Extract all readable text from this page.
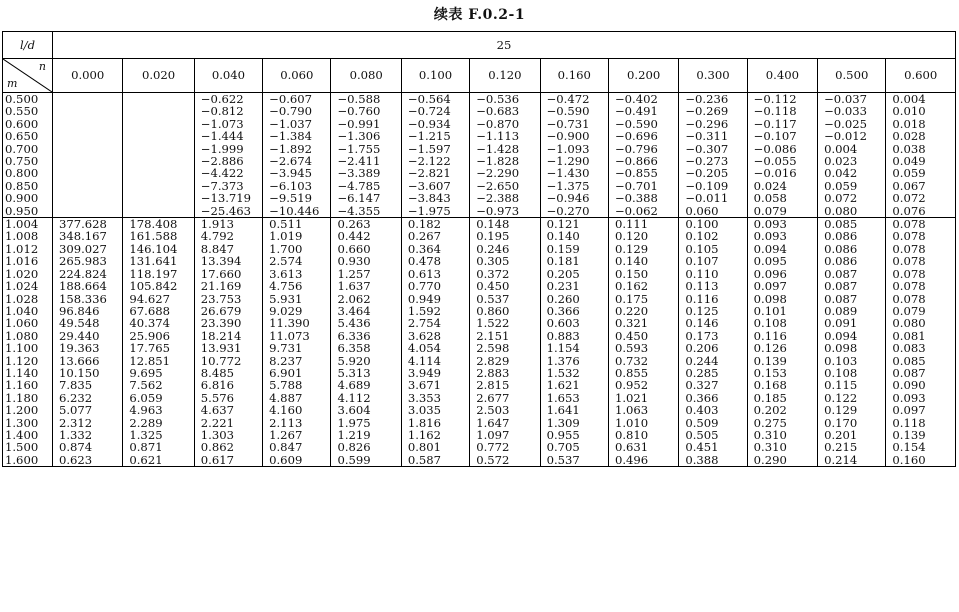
续表 F.0.2-1
l/d	25												

n
m	0.000	0.020	0.040	0.060	0.080	0.100	0.120	0.160	0.200	0.300	0.400	0.500	0.600
0.500			−0.622	−0.607	−0.588	−0.564	−0.536	−0.472	−0.402	−0.236	−0.112	−0.037	0.004
0.550			−0.812	−0.790	−0.760	−0.724	−0.683	−0.590	−0.491	−0.269	−0.118	−0.033	0.010
0.600			−1.073	−1.037	−0.991	−0.934	−0.870	−0.731	−0.590	−0.296	−0.117	−0.025	0.018
0.650			−1.444	−1.384	−1.306	−1.215	−1.113	−0.900	−0.696	−0.311	−0.107	−0.012	0.028
0.700			−1.999	−1.892	−1.755	−1.597	−1.428	−1.093	−0.796	−0.307	−0.086	0.004	0.038
0.750			−2.886	−2.674	−2.411	−2.122	−1.828	−1.290	−0.866	−0.273	−0.055	0.023	0.049
0.800			−4.422	−3.945	−3.389	−2.821	−2.290	−1.430	−0.855	−0.205	−0.016	0.042	0.059
0.850			−7.373	−6.103	−4.785	−3.607	−2.650	−1.375	−0.701	−0.109	0.024	0.059	0.067
0.900			−13.719	−9.519	−6.147	−3.843	−2.388	−0.946	−0.388	−0.011	0.058	0.072	0.072
0.950			−25.463	−10.446	−4.355	−1.975	−0.973	−0.270	−0.062	0.060	0.079	0.080	0.076
1.004	377.628	178.408	1.913	0.511	0.263	0.182	0.148	0.121	0.111	0.100	0.093	0.085	0.078
1.008	348.167	161.588	4.792	1.019	0.442	0.267	0.195	0.140	0.120	0.102	0.093	0.086	0.078
1.012	309.027	146.104	8.847	1.700	0.660	0.364	0.246	0.159	0.129	0.105	0.094	0.086	0.078
1.016	265.983	131.641	13.394	2.574	0.930	0.478	0.305	0.181	0.140	0.107	0.095	0.086	0.078
1.020	224.824	118.197	17.660	3.613	1.257	0.613	0.372	0.205	0.150	0.110	0.096	0.087	0.078
1.024	188.664	105.842	21.169	4.756	1.637	0.770	0.450	0.231	0.162	0.113	0.097	0.087	0.078
1.028	158.336	94.627	23.753	5.931	2.062	0.949	0.537	0.260	0.175	0.116	0.098	0.087	0.078
1.040	96.846	67.688	26.679	9.029	3.464	1.592	0.860	0.366	0.220	0.125	0.101	0.089	0.079
1.060	49.548	40.374	23.390	11.390	5.436	2.754	1.522	0.603	0.321	0.146	0.108	0.091	0.080
1.080	29.440	25.906	18.214	11.073	6.336	3.628	2.151	0.883	0.450	0.173	0.116	0.094	0.081
1.100	19.363	17.765	13.931	9.731	6.358	4.054	2.598	1.154	0.593	0.206	0.126	0.098	0.083
1.120	13.666	12.851	10.772	8.237	5.920	4.114	2.829	1.376	0.732	0.244	0.139	0.103	0.085
1.140	10.150	9.695	8.485	6.901	5.313	3.949	2.883	1.532	0.855	0.285	0.153	0.108	0.087
1.160	7.835	7.562	6.816	5.788	4.689	3.671	2.815	1.621	0.952	0.327	0.168	0.115	0.090
1.180	6.232	6.059	5.576	4.887	4.112	3.353	2.677	1.653	1.021	0.366	0.185	0.122	0.093
1.200	5.077	4.963	4.637	4.160	3.604	3.035	2.503	1.641	1.063	0.403	0.202	0.129	0.097
1.300	2.312	2.289	2.221	2.113	1.975	1.816	1.647	1.309	1.010	0.509	0.275	0.170	0.118
1.400	1.332	1.325	1.303	1.267	1.219	1.162	1.097	0.955	0.810	0.505	0.310	0.201	0.139
1.500	0.874	0.871	0.862	0.847	0.826	0.801	0.772	0.705	0.631	0.451	0.310	0.215	0.154
1.600	0.623	0.621	0.617	0.609	0.599	0.587	0.572	0.537	0.496	0.388	0.290	0.214	0.160
